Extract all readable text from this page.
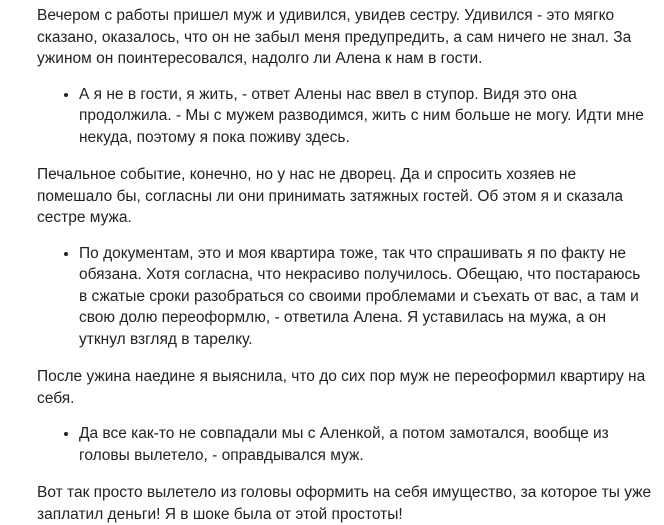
Вечером с работы пришел муж и удивился, увидев сестру. Удивился - это мягко сказано, оказалось, что он не забыл меня предупредить, а сам ничего не знал. За ужином он поинтересовался, надолго ли Алена к нам в гости.

• А я не в гости, я жить, - ответ Алены нас ввел в ступор. Видя это она продолжила. - Мы с мужем разводимся, жить с ним больше не могу. Идти мне некуда, поэтому я пока поживу здесь.

Печальное событие, конечно, но у нас не дворец. Да и спросить хозяев не помешало бы, согласны ли они принимать затяжных гостей. Об этом я и сказала сестре мужа.

• По документам, это и моя квартира тоже, так что спрашивать я по факту не обязана. Хотя согласна, что некрасиво получилось. Обещаю, что постараюсь в сжатые сроки разобраться со своими проблемами и съехать от вас, а там и свою долю переоформлю, - ответила Алена. Я уставилась на мужа, а он уткнул взгляд в тарелку.

После ужина наедине я выяснила, что до сих пор муж не переоформил квартиру на себя.

• Да все как-то не совпадали мы с Аленкой, а потом замотался, вообще из головы вылетело, - оправдывался муж.

Вот так просто вылетело из головы оформить на себя имущество, за которое ты уже заплатил деньги! Я в шоке была от этой простоты!
